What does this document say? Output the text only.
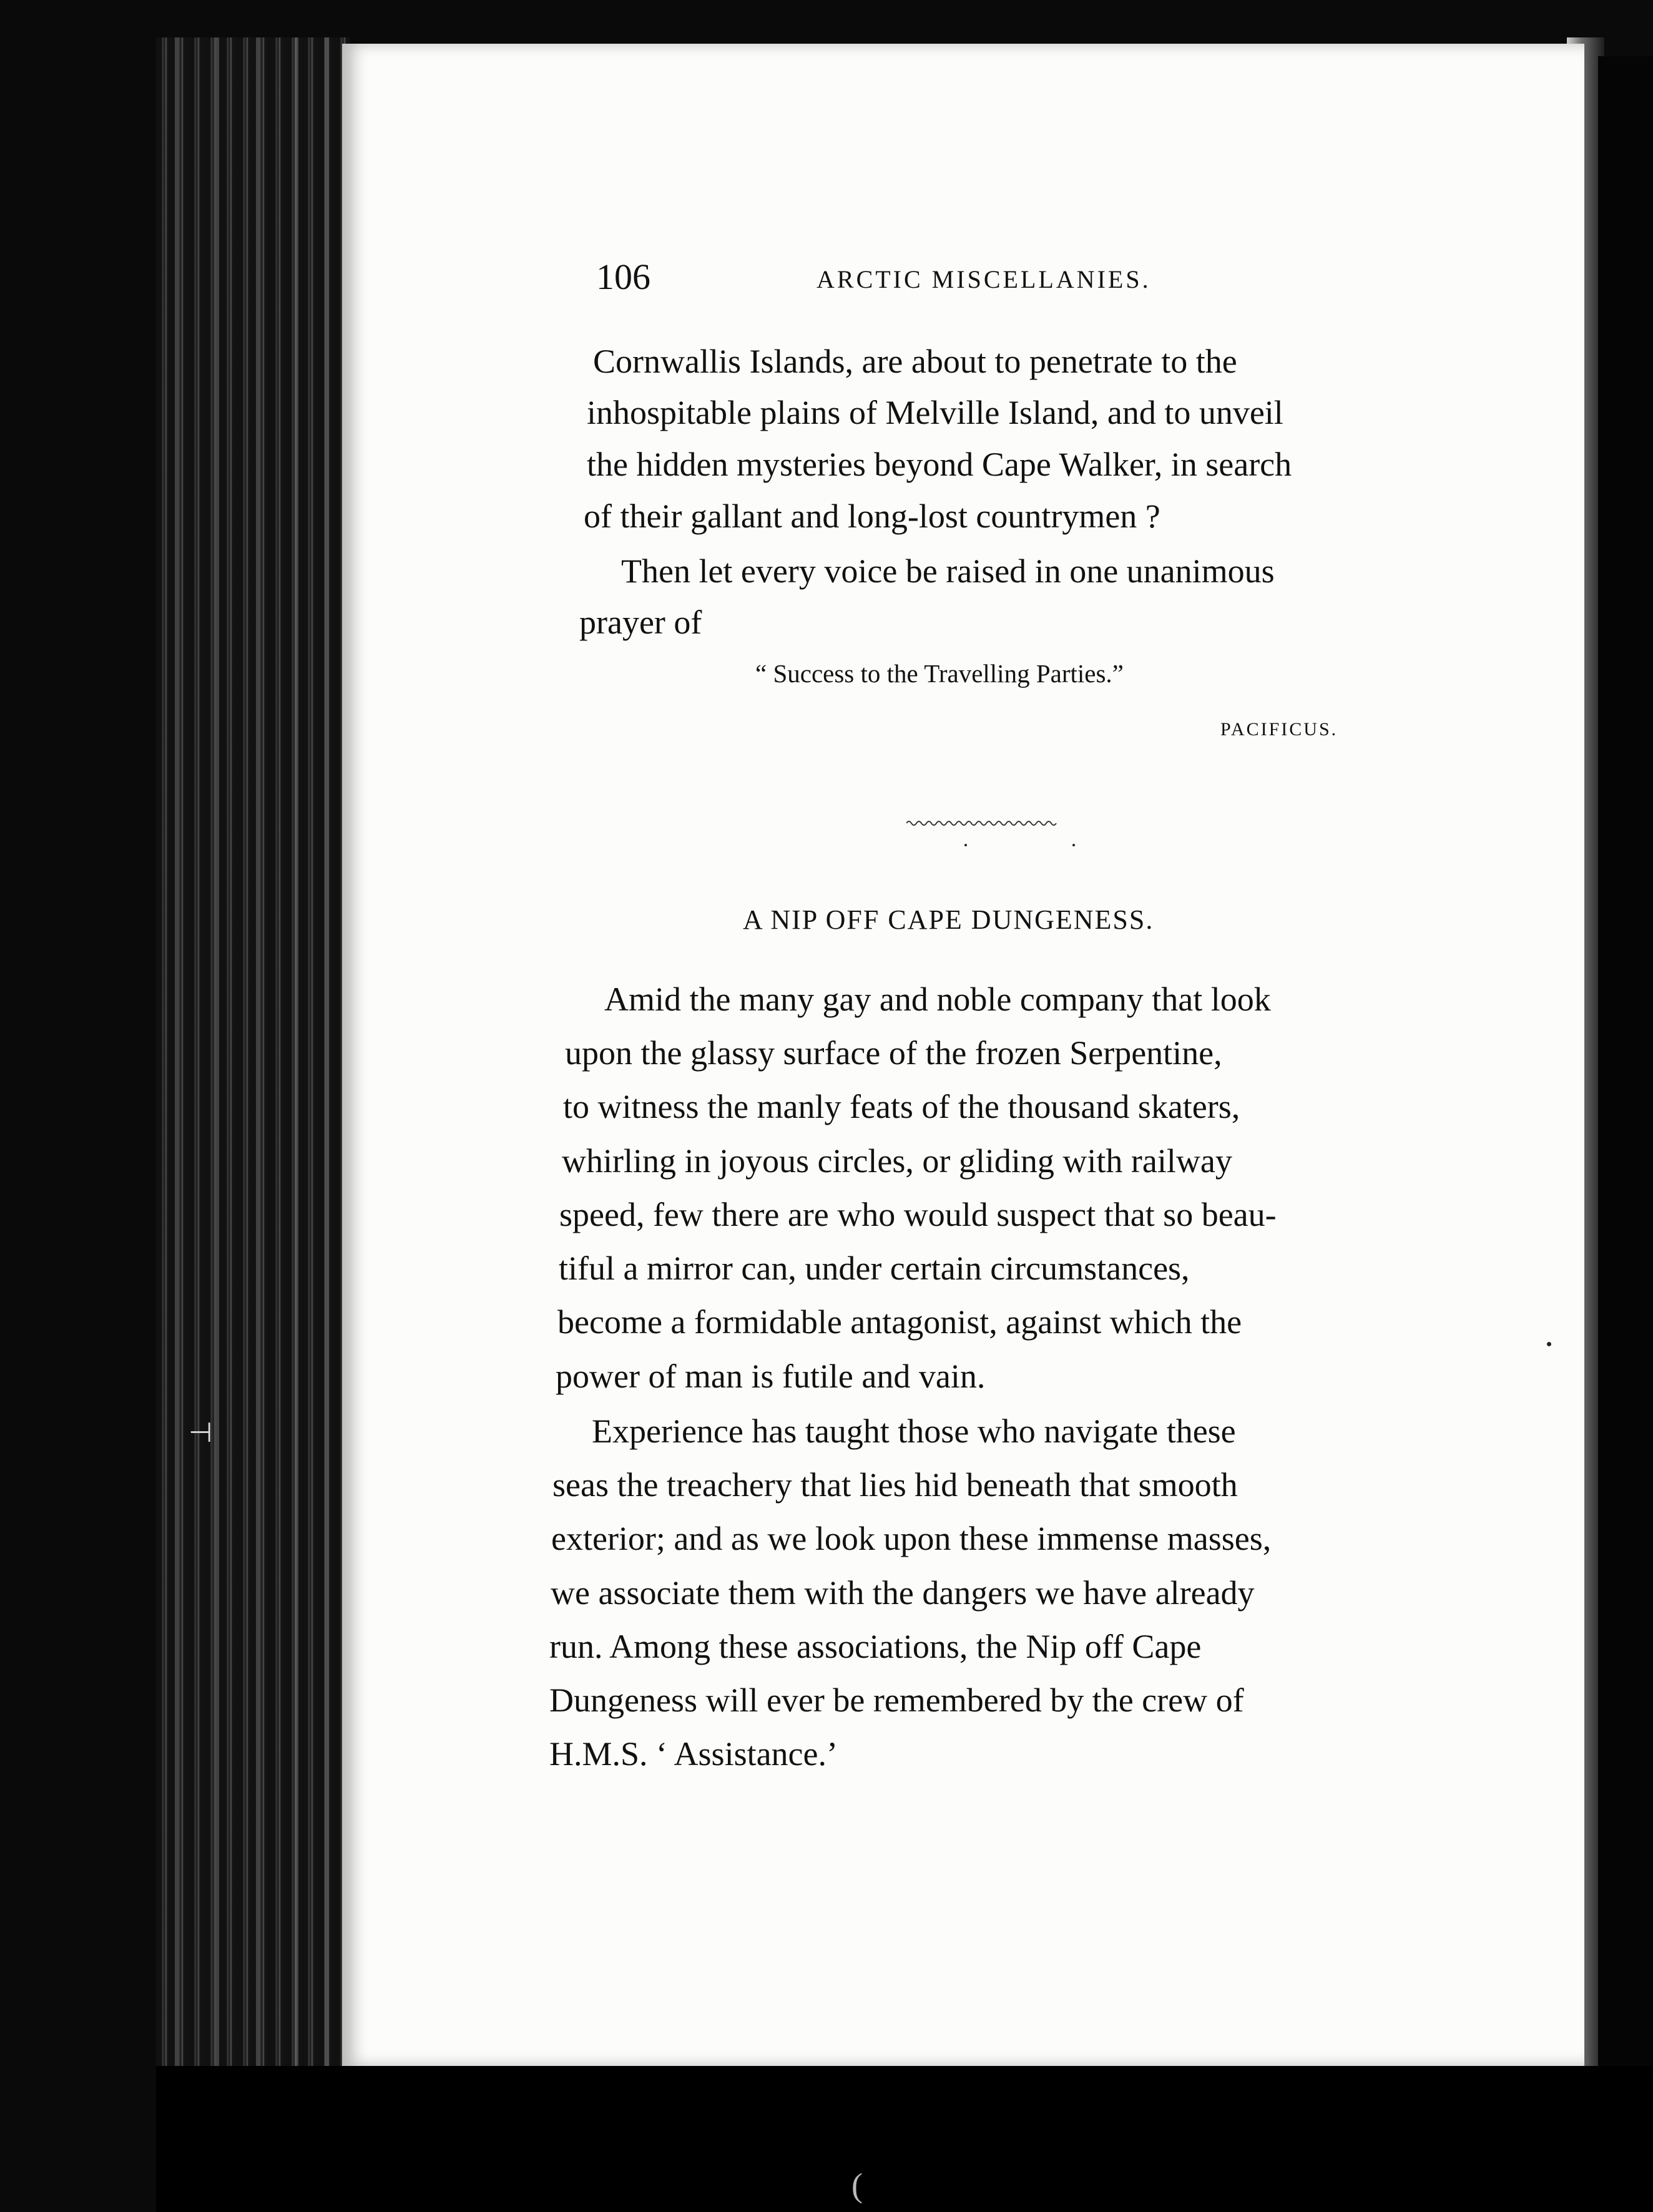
106	ARCTIC MISCELLANIES.

Cornwallis Islands, are about to penetrate to the

inhospitable plains of Melville Island, and to unveil

the hidden mysteries beyond Cape Walker, in search

of their gallant and long-lost countrymen ?

Then let every voice be raised in one unanimous

prayer of

“ Success to the Travelling Parties.”

PACIFICUS.

A NIP OFF CAPE DUNGENESS.

Amid the many gay and noble company that look

upon the glassy surface of the frozen Serpentine,

to witness the manly feats of the thousand skaters,

whirling in joyous circles, or gliding with railway

speed, few there are who would suspect that so beau-

tiful a mirror can, under certain circumstances,

become a formidable antagonist, against which the

power of man is futile and vain.

Experience has taught those who navigate these

seas the treachery that lies hid beneath that smooth

exterior; and as we look upon these immense masses,

we associate them with the dangers we have already

run. Among these associations, the Nip off Cape

Dungeness will ever be remembered by the crew of

H.M.S. ‘ Assistance.’

⊣
(
